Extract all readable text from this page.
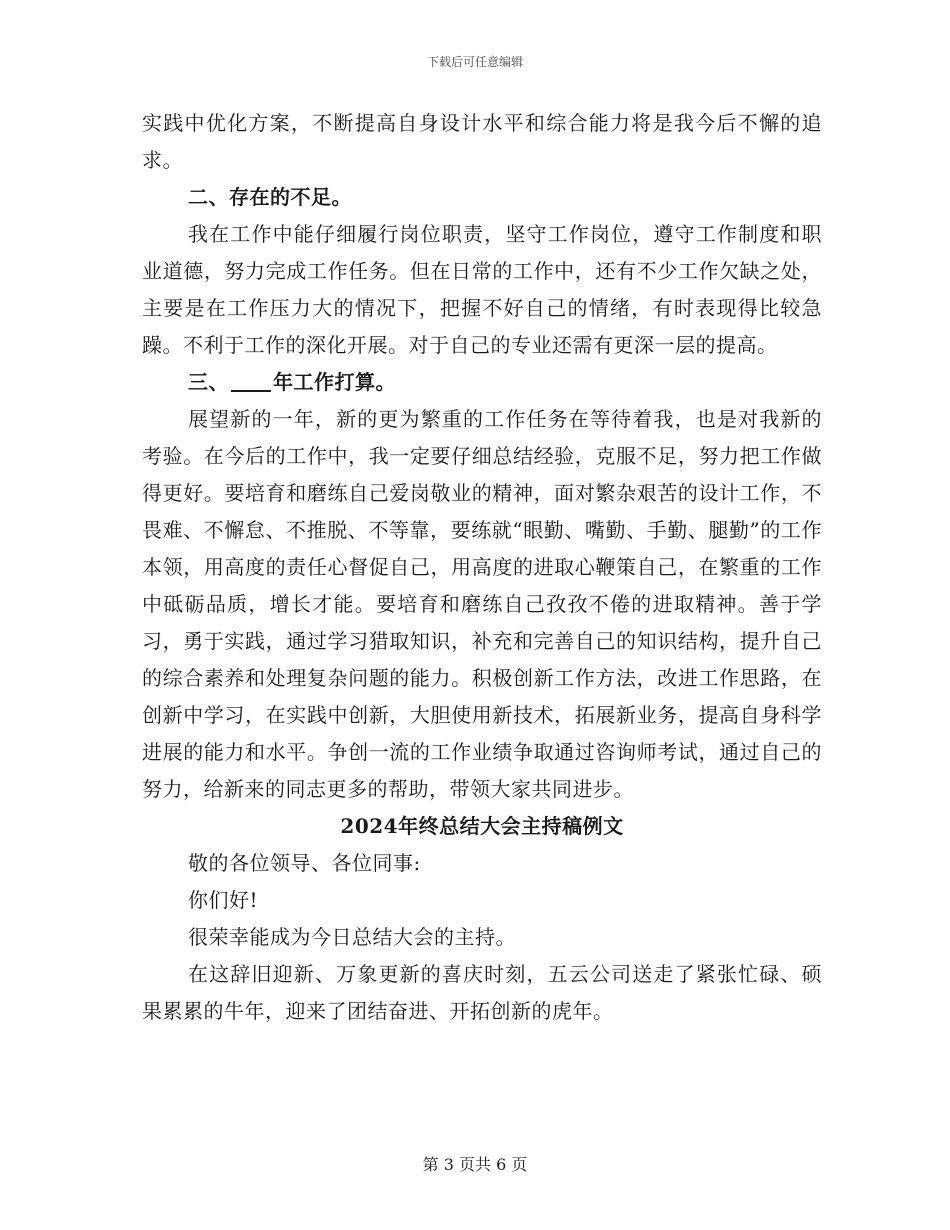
下载后可任意编辑

实践中优化方案，不断提高自身设计水平和综合能力将是我今后不懈的追求。

二、存在的不足。

我在工作中能仔细履行岗位职责，坚守工作岗位，遵守工作制度和职业道德，努力完成工作任务。但在日常的工作中，还有不少工作欠缺之处，主要是在工作压力大的情况下，把握不好自己的情绪，有时表现得比较急躁。不利于工作的深化开展。对于自己的专业还需有更深一层的提高。

三、 年工作打算。

展望新的一年，新的更为繁重的工作任务在等待着我，也是对我新的考验。在今后的工作中，我一定要仔细总结经验，克服不足，努力把工作做得更好。要培育和磨练自己爱岗敬业的精神，面对繁杂艰苦的设计工作，不畏难、不懈怠、不推脱、不等靠，要练就“眼勤、嘴勤、手勤、腿勤”的工作本领，用高度的责任心督促自己，用高度的进取心鞭策自己，在繁重的工作中砥砺品质，增长才能。要培育和磨练自己孜孜不倦的进取精神。善于学习，勇于实践，通过学习猎取知识，补充和完善自己的知识结构，提升自己的综合素养和处理复杂问题的能力。积极创新工作方法，改进工作思路，在创新中学习，在实践中创新，大胆使用新技术，拓展新业务，提高自身科学进展的能力和水平。争创一流的工作业绩争取通过咨询师考试，通过自己的努力，给新来的同志更多的帮助，带领大家共同进步。

2024年终总结大会主持稿例文

敬的各位领导、各位同事:

你们好!

很荣幸能成为今日总结大会的主持。

在这辞旧迎新、万象更新的喜庆时刻，五云公司送走了紧张忙碌、硕果累累的牛年，迎来了团结奋进、开拓创新的虎年。

第 3 页共 6 页
